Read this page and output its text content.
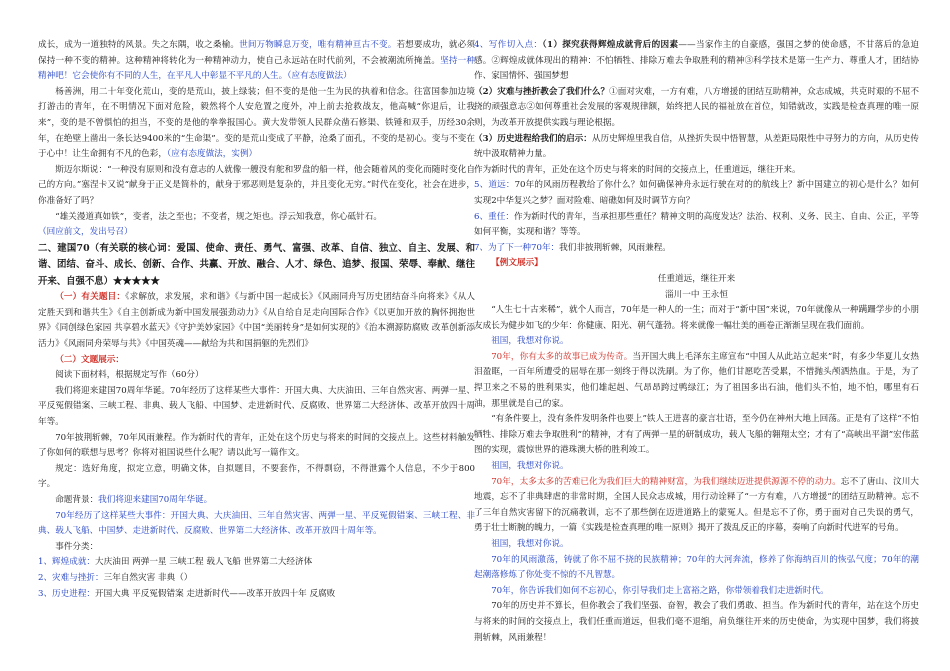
成长，成为一道独特的风景。失之东隅，收之桑榆。世间万物瞬息万变，唯有精神亘古不变。若想要成功，就必须保持一种不变的精神。这种精神将转化为一种精神动力，使自己永远站在时代前列，不会被潮流所掩盖。坚持一种精神吧！它会使你有不同的人生，在平凡人中彰显不平凡的人生。（应有态度做法）

杨善洲，用二十年变化荒山，变的是荒山，披上绿装；但不变的是他一生为民的执着和信念。往富国参加边境打游击的青年，在不明情况下面对危险，毅然将个人安危置之度外，冲上前去抢救战友，他高喊“你退后，让我来”，变的是不曾惧怕的担当，不变的是他的拳拳报国心。黄大发带领人民群众凿石修渠、铁锤和双手，历经30余年，在绝壁上凿出一条长达9400米的“生命渠”。变的是荒山变成了平静，沧桑了面孔，不变的是初心。变与不变在于心中！让生命拥有不凡的色彩，（应有态度做法，实例）

斯迈尔斯说：“一种没有原则和没有意志的人就像一艘没有舵和罗盘的船一样，他会随着风的变化而随时变化自己的方向。”塞涅卡又说“献身于正义是简朴的，献身于邪恶则是复杂的，并且变化无穷。”时代在变化，社会在进步，你准备好了吗？

“雄关漫道真如铁”，变者，法之至也；不变者，规之矩也。浮云知我意，你心砥针石。

（回应前文，发出号召）

二、建国70（有关联的核心词：爱国、使命、责任、勇气、富强、改革、自信、独立、自主、发展、和谐、团结、奋斗、成长、创新、合作、共赢、开放、融合、人才、绿色、追梦、报国、荣辱、奉献、继往开来、自强不息）★★★★★

（一）有关题目：《求解放，求发展，求和谐》《与新中国一起成长》《风雨同舟写历史团结奋斗向将来》《从人定胜天到和谐共生》《自主创新成为新中国发展强劲动力》《从自给自足走向国际合作》《以更加开放的胸怀拥抱世界》《同创绿色家园 共享碧水蓝天》《守护美妙家园》《中国“美丽转身”是如何实现的》《治本溯源防腐败 改革创新添活力》《风雨同舟荣辱与共》《中国英魂——献给为共和国捐躯的先烈们》

（二）文题展示：

阅读下面材料，根据规定写作（60分）

我们将迎来建国70周年华诞。70年经历了这样某些大事件：开国大典、大庆油田、三年自然灾害、两弹一星、平反冤假错案、三峡工程、非典、载人飞船、中国梦、走进新时代、反腐败、世界第二大经济体、改革开放四十周年等。

70年披荆斩棘，70年风雨兼程。作为新时代的青年，正处在这个历史与将来的时间的交接点上。这些材料触发了你如何的联想与思考？你将对祖国说些什么呢？请以此写一篇作文。

规定：选好角度，拟定立意，明确文体，自拟题目，不要套作，不得剽窃，不得泄露个人信息，不少于800字。

命题背景：我们将迎来建国70周年华诞。

70年经历了这样某些大事件：开国大典、大庆油田、三年自然灾害、两弹一星、平反冤假错案、三峡工程、非典、载人飞船、中国梦、走进新时代、反腐败、世界第二大经济体、改革开放四十周年等。

事件分类：

1、辉煌成就：大庆油田 两弹一星 三峡工程 载人飞船 世界第二大经济体

2、灾难与挫折：三年自然灾害 非典（）

3、历史进程：开国大典 平反冤假错案 走进新时代——改革开放四十年 反腐败

4、写作切入点：（1）探究获得辉煌成就背后的因素——当家作主的自豪感，强国之梦的使命感，不甘落后的急迫感。②辉煌成就体现出的精神：不怕牺牲、排除万难去争取胜利的精神③科学技术是第一生产力、尊重人才，团结协作、家国情怀、强国梦想

（2）灾难与挫折教会了我们什么？①面对灾难，一方有难，八方增援的团结互助精神，众志成城，共克时艰的不屈不挠的顽强意志②如何尊重社会发展的客观规律额，始终把人民的福祉放在首位，知错就改，实践是检查真理的唯一原则，为改革开放提供实践与理论根据。

（3）历史进程给我们的启示：从历史辉煌里我自信，从挫折失误中悟智慧，从差距局限性中寻努力的方向，从历史传统中汲取精神力量。

作为新时代的青年，正处在这个历史与将来的时间的交接点上，任重道远，继往开来。

5、道远：70年的风雨历程教给了你什么？如何确保神舟永远行驶在对的的航线上？新中国建立的初心是什么？如何实现2中华复兴之梦？面对险难、暗礁如何及时调节方向？

6、重任：作为新时代的青年，当承担那些重任？精神文明的高度发达？法治、权利、义务、民主、自由、公正，平等如何平衡，实现和谐？等等。

7、为了下一种70年：我们非披荆斩棘，风雨兼程。

【例文展示】

任重道远，继往开来

淄川一中 王永恒

“人生七十古来稀”，就个人而言，70年是一种人的一生；而对于“新中国”来说，70年就像从一种蹒跚学步的小朋友成长为健步如飞的少年：你健康、阳光、朝气蓬勃。将来就像一幅壮美的画卷正渐渐呈现在我们面前。

祖国，我想对你说。

70年，你有太多的故事已成为传奇。当开国大典上毛泽东主席宣布“中国人从此站立起来”时，有多少华夏儿女热泪盈眶，一百年所遭受的屈辱在那一刻终于得以洗刷。为了你，他们甘愿吃苦受累，不惜抛头颅洒热血。于是，为了捍卫来之不易的胜利果实，他们雄起赳、气昂昂跨过鸭绿江；为了祖国多出石油，他们头不怕，地不怕，哪里有石油，那里就是自己的家。

“有条件要上，没有条件发明条件也要上”铁人王进喜的豪言壮语，至今仍在神州大地上回荡。正是有了这样“不怕牺牲、排除万难去争取胜利”的精神，才有了两弹一星的研制成功，载人飞船的翱翔太空；才有了“高峡出平湖”宏伟蓝图的实现，震惊世界的港珠澳大桥的胜利竣工。

祖国，我想对你说。

70年，太多太多的苦难已化为我们巨大的精神财富，为我们继续迈进提供源源不停的动力。忘不了唐山、汶川大地震，忘不了非典肆虐的非常时期，全国人民众志成城，用行动诠释了“一方有难，八方增援”的团结互助精神。忘不了三年自然灾害留下的沉痛教训，忘不了那些倒在迈进道路上的蒙冤人。但是忘不了你，勇于面对自己失误的勇气，勇于壮士断腕的魄力，一篇《实践是检查真理的唯一原则》揭开了拨乱反正的序幕，奏响了向新时代进军的号角。

祖国，我想对你说。

70年的风雨激荡，铸就了你不屈不挠的民族精神；70年的大河奔流，修养了你海纳百川的恢弘气度；70年的潮起潮落修炼了你处变不惊的不凡智慧。

70年，你告诉我们如何不忘初心，你引导我们走上富裕之路，你带领着我们走进新时代。

70年的历史并不算长，但你教会了我们坚强、奋智，教会了我们勇敢、担当。作为新时代的青年，站在这个历史与将来的时间的交接点上，我们任重而道远，但我们毫不退缩，肩负继往开来的历史使命，为实现中国梦，我们将披荆斩棘，风雨兼程！
